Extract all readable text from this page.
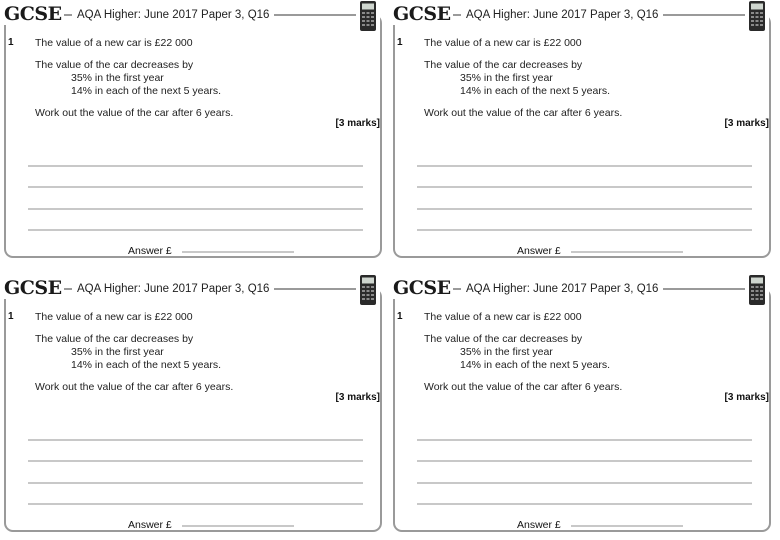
GCSE	AQA Higher: June 2017 Paper 3, Q16
1 The value of a new car is £22 000
The value of the car decreases by
35% in the first year
14% in each of the next 5 years.
Work out the value of the car after 6 years.
[3 marks]
Answer £
GCSE	AQA Higher: June 2017 Paper 3, Q16
1 The value of a new car is £22 000
The value of the car decreases by
35% in the first year
14% in each of the next 5 years.
Work out the value of the car after 6 years.
[3 marks]
Answer £
GCSE	AQA Higher: June 2017 Paper 3, Q16
1 The value of a new car is £22 000
The value of the car decreases by
35% in the first year
14% in each of the next 5 years.
Work out the value of the car after 6 years.
[3 marks]
Answer £
GCSE	AQA Higher: June 2017 Paper 3, Q16
1 The value of a new car is £22 000
The value of the car decreases by
35% in the first year
14% in each of the next 5 years.
Work out the value of the car after 6 years.
[3 marks]
Answer £
